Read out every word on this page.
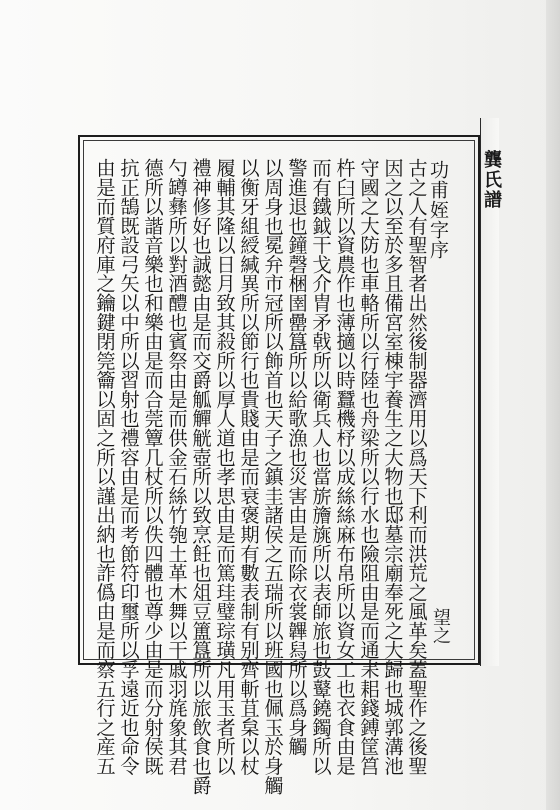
龔氏譜
功甫姪字序
古之人有聖智者出然後制器濟用以爲天下利而洪荒之風革矣蓋聖作之後聖
因之以至於多且備宮室棟宇養生之大物也邸墓宗廟奉死之大歸也城郭溝池
守國之大防也車輅所以行陸也舟梁所以行水也險阻由是而通耒耜錢鎛筐筥
杵臼所以資農作也薄擿以時蠶機杼以成絲絲麻布帛所以資女工也衣食由是
而有鐵鉞干戈介胄矛戟所以衛兵人也當旂旝旐所以表師旅也鼓鼙鐃鐲所以
警進退也鐘磬梱圉罍簋所以給歌漁也災害由是而除衣裳韠舄所以爲身觸
以周身也冕弁市冠所以飾首也天子之鎮圭諸侯之五瑞所以班國也佩玉於身觸
以衡牙組綬緘異所以節行也貴賤由是而衰褒期有數表制有别齊斬苴枲以杖
履輔其隆以日月致其殺所以厚人道也孝思由是而篤珪璧琮璜凡用玉者所以
禮神修好也誠懿由是而交爵觚觶觥壺所以致烹飪也俎豆簠簋所以旅飲食也爵
勺罇彝所以對酒醴也賓祭由是而供金石絲竹匏土革木舞以干戚羽旄象其君
德所以諧音樂也和樂由是而合莞簟几杖所以佚四體也尊少由是而分射侯既
抗正鵠既設弓矢以中所以習射也禮容由是而考節符印璽所以孚遠近也命令
由是而質府庫之鑰鍵閉筦籥以固之所以謹出納也詐僞由是而察五行之産五	望之
